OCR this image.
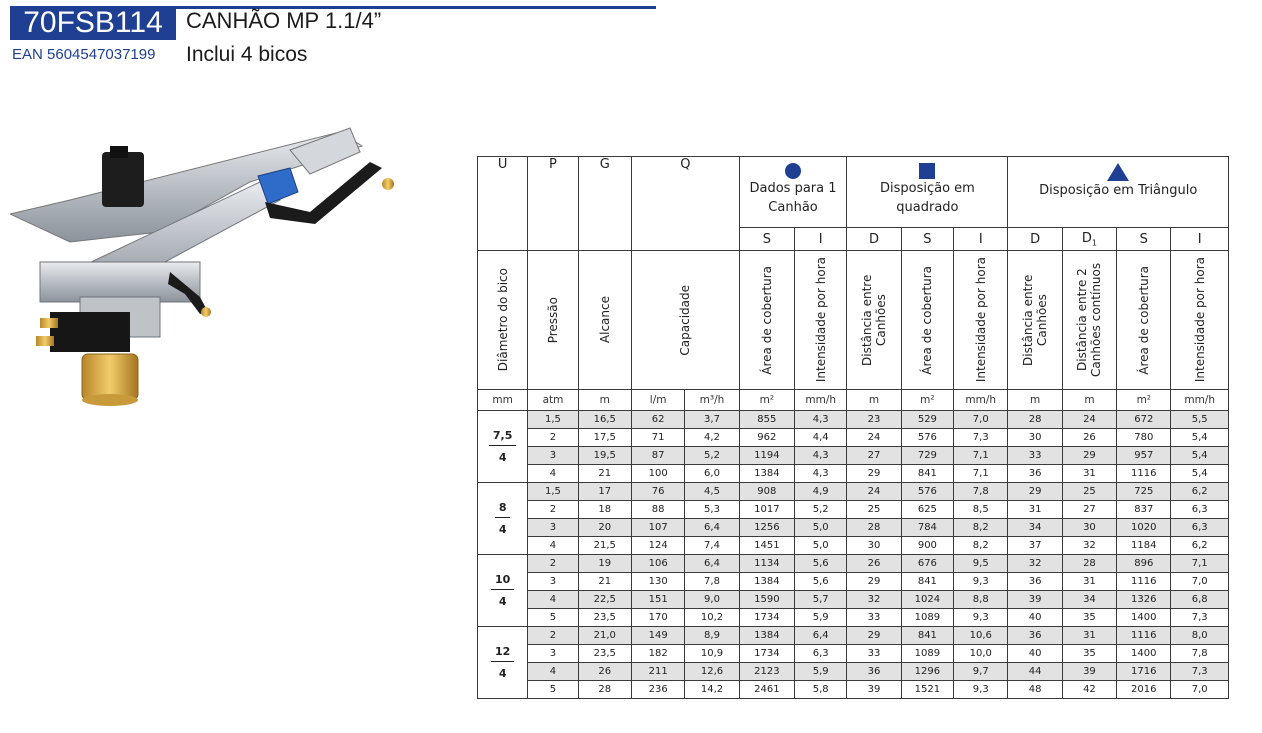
70FSB114	CANHÃO MP 1.1/4”
EAN 5604547037199 Inclui 4 bicos
U	P	G	Q		Dados para 1 Canhão		Disposição em quadrado			Disposição em Triângulo			
					S	I	D	S	I	D	$D_1$	S	I

Diâmetro do bico	Pressão	Alcance	Capacidade		Área de cobertura	Intensidade por hora	Distância entre Canhões	Área de cobertura	Intensidade por hora	Distância entre Canhões	Distância entre 2 Canhões contínuos	Área de cobertura	Intensidade por hora

mm	atm	m	l/m	m³/h	m²	mm/h	m	m²	mm/h	m	m	m²	mm/h
7,5
4	1,5	16,5	62	3,7	855	4,3	23	529	7,0	28	24	672	5,5
	2	17,5	71	4,2	962	4,4	24	576	7,3	30	26	780	5,4
	3	19,5	87	5,2	1194	4,3	27	729	7,1	33	29	957	5,4
	4	21	100	6,0	1384	4,3	29	841	7,1	36	31	1116	5,4
8
4	1,5	17	76	4,5	908	4,9	24	576	7,8	29	25	725	6,2
	2	18	88	5,3	1017	5,2	25	625	8,5	31	27	837	6,3
	3	20	107	6,4	1256	5,0	28	784	8,2	34	30	1020	6,3
	4	21,5	124	7,4	1451	5,0	30	900	8,2	37	32	1184	6,2
10
4	2	19	106	6,4	1134	5,6	26	676	9,5	32	28	896	7,1
	3	21	130	7,8	1384	5,6	29	841	9,3	36	31	1116	7,0
	4	22,5	151	9,0	1590	5,7	32	1024	8,8	39	34	1326	6,8
	5	23,5	170	10,2	1734	5,9	33	1089	9,3	40	35	1400	7,3
12
4	2	21,0	149	8,9	1384	6,4	29	841	10,6	36	31	1116	8,0
	3	23,5	182	10,9	1734	6,3	33	1089	10,0	40	35	1400	7,8
	4	26	211	12,6	2123	5,9	36	1296	9,7	44	39	1716	7,3
	5	28	236	14,2	2461	5,8	39	1521	9,3	48	42	2016	7,0
